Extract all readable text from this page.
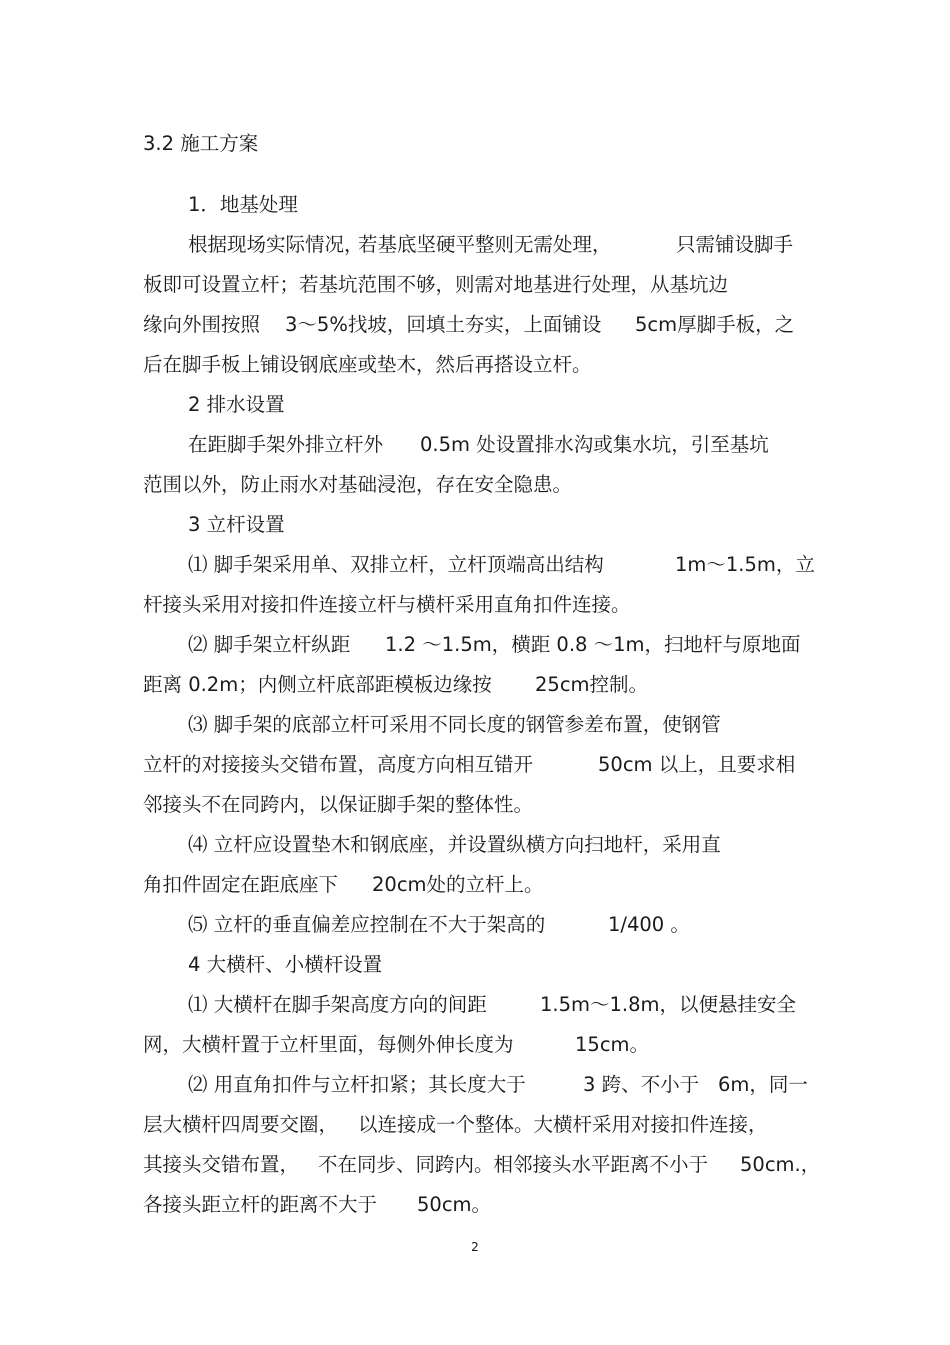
3.2 施工方案
1．地基处理
根据现场实际情况，
若基底坚硬平整则无需处理，	只需铺设脚手
板即可设置立杆；若基坑范围不够，则需对地基进行处理，从基坑边
缘向外围按照 3～5%找坡，回填土夯实，上面铺设 5cm厚脚手板，之
后在脚手板上铺设钢底座或垫木，然后再搭设立杆。
2 排水设置
在距脚手架外排立杆外 0.5m 处设置排水沟或集水坑，引至基坑
范围以外，防止雨水对基础浸泡，存在安全隐患。
3 立杆设置
⑴ 脚手架采用单、双排立杆，立杆顶端高出结构	1m～1.5m，立
杆接头采用对接扣件连接立杆与横杆采用直角扣件连接。
⑵ 脚手架立杆纵距 1.2 ～1.5m，横距 0.8 ～1m，扫地杆与原地面
距离 0.2m；内侧立杆底部距模板边缘按 25cm控制。
⑶ 脚手架的底部立杆可采用不同长度的钢管参差布置，使钢管
立杆的对接接头交错布置，高度方向相互错开	50cm 以上，且要求相
邻接头不在同跨内，以保证脚手架的整体性。
⑷ 立杆应设置垫木和钢底座，并设置纵横方向扫地杆，采用直
角扣件固定在距底座下 20cm处的立杆上。
⑸ 立杆的垂直偏差应控制在不大于架高的	1/400 。
4 大横杆、小横杆设置
⑴ 大横杆在脚手架高度方向的间距	1.5m～1.8m，以便悬挂安全
网，大横杆置于立杆里面，每侧外伸长度为	15cm。
⑵ 用直角扣件与立杆扣紧；其长度大于	3 跨、不小于 6m，同一
层大横杆四周要交圈， 以连接成一个整体。大横杆采用对接扣件连接，
其接头交错布置， 不在同步、同跨内。相邻接头水平距离不小于 50cm.，
各接头距立杆的距离不大于 50cm。
2
